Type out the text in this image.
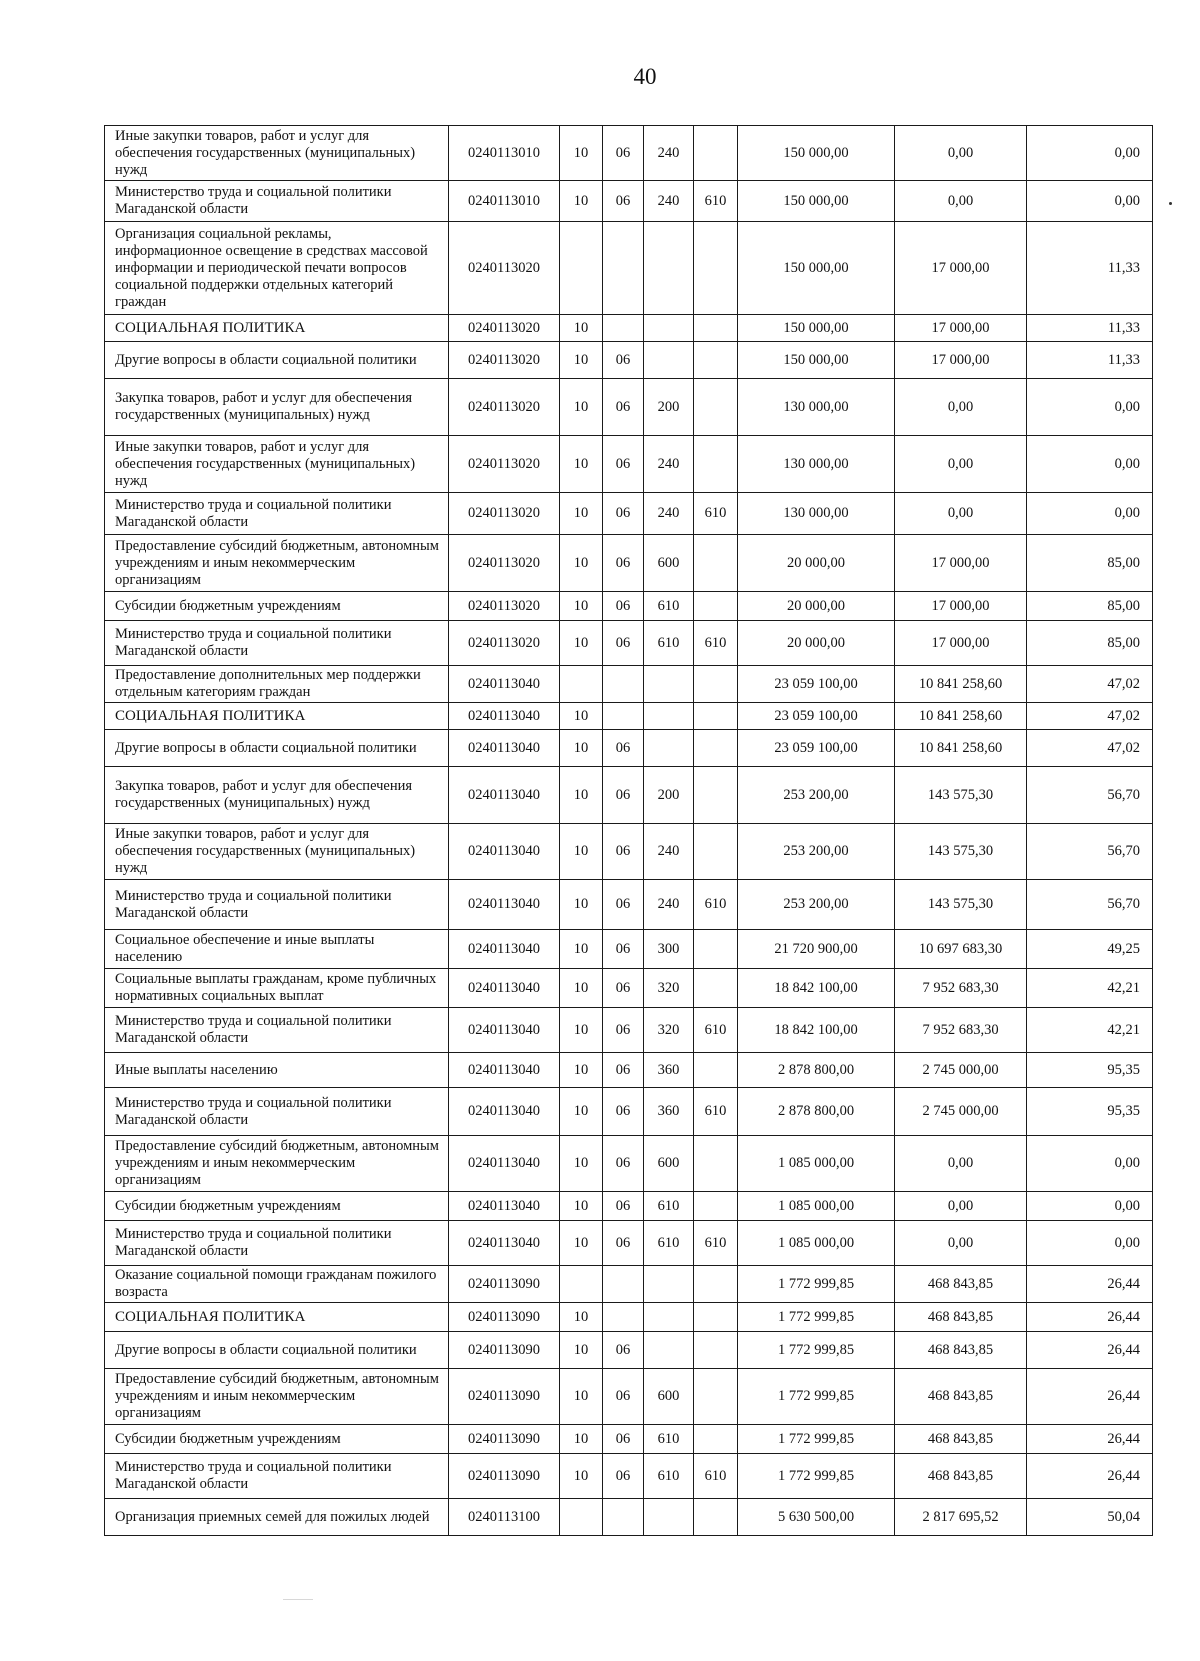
40
Иные закупки товаров, работ и услуг для обеспечения государственных (муниципальных) нужд	0240113010	10	06	240		150 000,00	0,00	0,00
Министерство труда и социальной политики Магаданской области	0240113010	10	06	240	610	150 000,00	0,00	0,00
Организация социальной рекламы, информационное освещение в средствах массовой информации и периодической печати вопросов социальной поддержки отдельных категорий граждан	0240113020					150 000,00	17 000,00	11,33
СОЦИАЛЬНАЯ ПОЛИТИКА	0240113020	10				150 000,00	17 000,00	11,33
Другие вопросы в области социальной политики	0240113020	10	06			150 000,00	17 000,00	11,33
Закупка товаров, работ и услуг для обеспечения государственных (муниципальных) нужд	0240113020	10	06	200		130 000,00	0,00	0,00
Иные закупки товаров, работ и услуг для обеспечения государственных (муниципальных) нужд	0240113020	10	06	240		130 000,00	0,00	0,00
Министерство труда и социальной политики Магаданской области	0240113020	10	06	240	610	130 000,00	0,00	0,00
Предоставление субсидий бюджетным, автономным учреждениям и иным некоммерческим организациям	0240113020	10	06	600		20 000,00	17 000,00	85,00
Субсидии бюджетным учреждениям	0240113020	10	06	610		20 000,00	17 000,00	85,00
Министерство труда и социальной политики Магаданской области	0240113020	10	06	610	610	20 000,00	17 000,00	85,00
Предоставление дополнительных мер поддержки отдельным категориям граждан	0240113040					23 059 100,00	10 841 258,60	47,02
СОЦИАЛЬНАЯ ПОЛИТИКА	0240113040	10				23 059 100,00	10 841 258,60	47,02
Другие вопросы в области социальной политики	0240113040	10	06			23 059 100,00	10 841 258,60	47,02
Закупка товаров, работ и услуг для обеспечения государственных (муниципальных) нужд	0240113040	10	06	200		253 200,00	143 575,30	56,70
Иные закупки товаров, работ и услуг для обеспечения государственных (муниципальных) нужд	0240113040	10	06	240		253 200,00	143 575,30	56,70
Министерство труда и социальной политики Магаданской области	0240113040	10	06	240	610	253 200,00	143 575,30	56,70
Социальное обеспечение и иные выплаты населению	0240113040	10	06	300		21 720 900,00	10 697 683,30	49,25
Социальные выплаты гражданам, кроме публичных нормативных социальных выплат	0240113040	10	06	320		18 842 100,00	7 952 683,30	42,21
Министерство труда и социальной политики Магаданской области	0240113040	10	06	320	610	18 842 100,00	7 952 683,30	42,21
Иные выплаты населению	0240113040	10	06	360		2 878 800,00	2 745 000,00	95,35
Министерство труда и социальной политики Магаданской области	0240113040	10	06	360	610	2 878 800,00	2 745 000,00	95,35
Предоставление субсидий бюджетным, автономным учреждениям и иным некоммерческим организациям	0240113040	10	06	600		1 085 000,00	0,00	0,00
Субсидии бюджетным учреждениям	0240113040	10	06	610		1 085 000,00	0,00	0,00
Министерство труда и социальной политики Магаданской области	0240113040	10	06	610	610	1 085 000,00	0,00	0,00
Оказание социальной помощи гражданам пожилого возраста	0240113090					1 772 999,85	468 843,85	26,44
СОЦИАЛЬНАЯ ПОЛИТИКА	0240113090	10				1 772 999,85	468 843,85	26,44
Другие вопросы в области социальной политики	0240113090	10	06			1 772 999,85	468 843,85	26,44
Предоставление субсидий бюджетным, автономным учреждениям и иным некоммерческим организациям	0240113090	10	06	600		1 772 999,85	468 843,85	26,44
Субсидии бюджетным учреждениям	0240113090	10	06	610		1 772 999,85	468 843,85	26,44
Министерство труда и социальной политики Магаданской области	0240113090	10	06	610	610	1 772 999,85	468 843,85	26,44
Организация приемных семей для пожилых людей	0240113100					5 630 500,00	2 817 695,52	50,04
